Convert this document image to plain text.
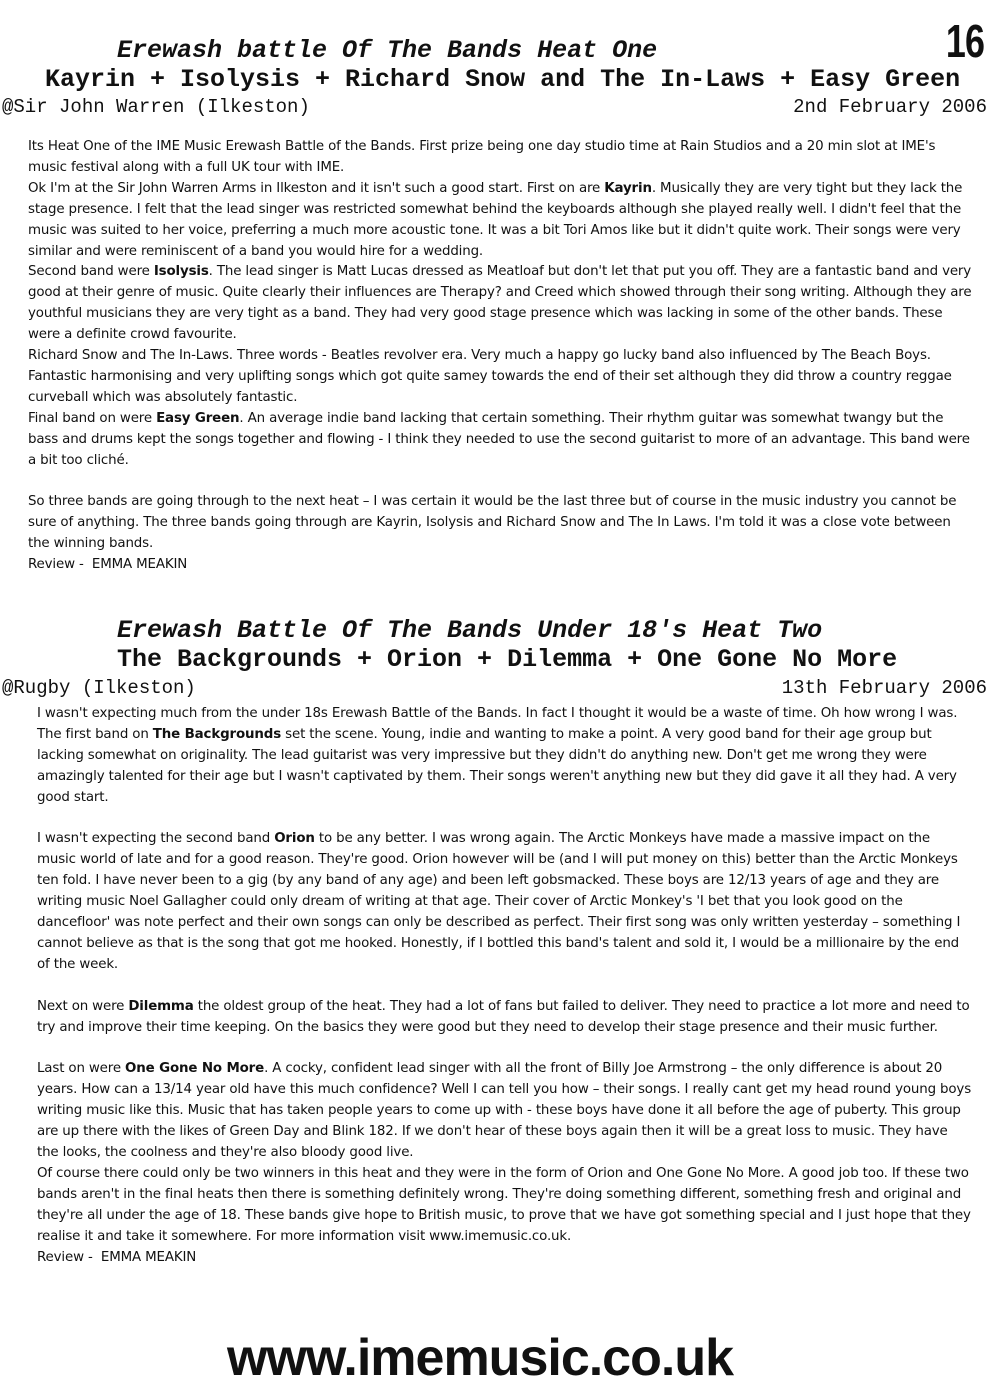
16
Erewash battle Of The Bands Heat One
Kayrin + Isolysis + Richard Snow and The In-Laws + Easy Green
@Sir John Warren (Ilkeston)	2nd February 2006

Its Heat One of the IME Music Erewash Battle of the Bands. First prize being one day studio time at Rain Studios and a 20 min slot at IME's music festival along with a full UK tour with IME.

Ok I'm at the Sir John Warren Arms in Ilkeston and it isn't such a good start. First on are Kayrin. Musically they are very tight but they lack the stage presence. I felt that the lead singer was restricted somewhat behind the keyboards although she played really well. I didn't feel that the music was suited to her voice, preferring a much more acoustic tone. It was a bit Tori Amos like but it didn't quite work. Their songs were very similar and were reminiscent of a band you would hire for a wedding.

Second band were Isolysis. The lead singer is Matt Lucas dressed as Meatloaf but don't let that put you off. They are a fantastic band and very good at their genre of music. Quite clearly their influences are Therapy? and Creed which showed through their song writing. Although they are youthful musicians they are very tight as a band. They had very good stage presence which was lacking in some of the other bands. These were a definite crowd favourite.

Richard Snow and The In-Laws. Three words - Beatles revolver era. Very much a happy go lucky band also influenced by The Beach Boys. Fantastic harmonising and very uplifting songs which got quite samey towards the end of their set although they did throw a country reggae curveball which was absolutely fantastic.

Final band on were Easy Green. An average indie band lacking that certain something. Their rhythm guitar was somewhat twangy but the bass and drums kept the songs together and flowing - I think they needed to use the second guitarist to more of an advantage. This band were a bit too cliché.

So three bands are going through to the next heat – I was certain it would be the last three but of course in the music industry you cannot be sure of anything. The three bands going through are Kayrin, Isolysis and Richard Snow and The In Laws. I'm told it was a close vote between the winning bands.

Review -  EMMA MEAKIN

Erewash Battle Of The Bands Under 18's Heat Two
The Backgrounds + Orion + Dilemma + One Gone No More
@Rugby (Ilkeston)	13th February 2006

I wasn't expecting much from the under 18s Erewash Battle of the Bands. In fact I thought it would be a waste of time. Oh how wrong I was. The first band on The Backgrounds set the scene. Young, indie and wanting to make a point. A very good band for their age group but lacking somewhat on originality. The lead guitarist was very impressive but they didn't do anything new. Don't get me wrong they were amazingly talented for their age but I wasn't captivated by them. Their songs weren't anything new but they did gave it all they had. A very good start.

I wasn't expecting the second band Orion to be any better. I was wrong again. The Arctic Monkeys have made a massive impact on the music world of late and for a good reason. They're good. Orion however will be (and I will put money on this) better than the Arctic Monkeys ten fold. I have never been to a gig (by any band of any age) and been left gobsmacked. These boys are 12/13 years of age and they are writing music Noel Gallagher could only dream of writing at that age. Their cover of Arctic Monkey's 'I bet that you look good on the dancefloor' was note perfect and their own songs can only be described as perfect. Their first song was only written yesterday – something I cannot believe as that is the song that got me hooked. Honestly, if I bottled this band's talent and sold it, I would be a millionaire by the end of the week.

Next on were Dilemma the oldest group of the heat. They had a lot of fans but failed to deliver. They need to practice a lot more and need to try and improve their time keeping. On the basics they were good but they need to develop their stage presence and their music further.

Last on were One Gone No More. A cocky, confident lead singer with all the front of Billy Joe Armstrong – the only difference is about 20 years. How can a 13/14 year old have this much confidence? Well I can tell you how – their songs. I really cant get my head round young boys writing music like this. Music that has taken people years to come up with - these boys have done it all before the age of puberty. This group are up there with the likes of Green Day and Blink 182. If we don't hear of these boys again then it will be a great loss to music. They have the looks, the coolness and they're also bloody good live.

Of course there could only be two winners in this heat and they were in the form of Orion and One Gone No More. A good job too. If these two bands aren't in the final heats then there is something definitely wrong. They're doing something different, something fresh and original and they're all under the age of 18. These bands give hope to British music, to prove that we have got something special and I just hope that they realise it and take it somewhere. For more information visit www.imemusic.co.uk.

Review -  EMMA MEAKIN

www.imemusic.co.uk
